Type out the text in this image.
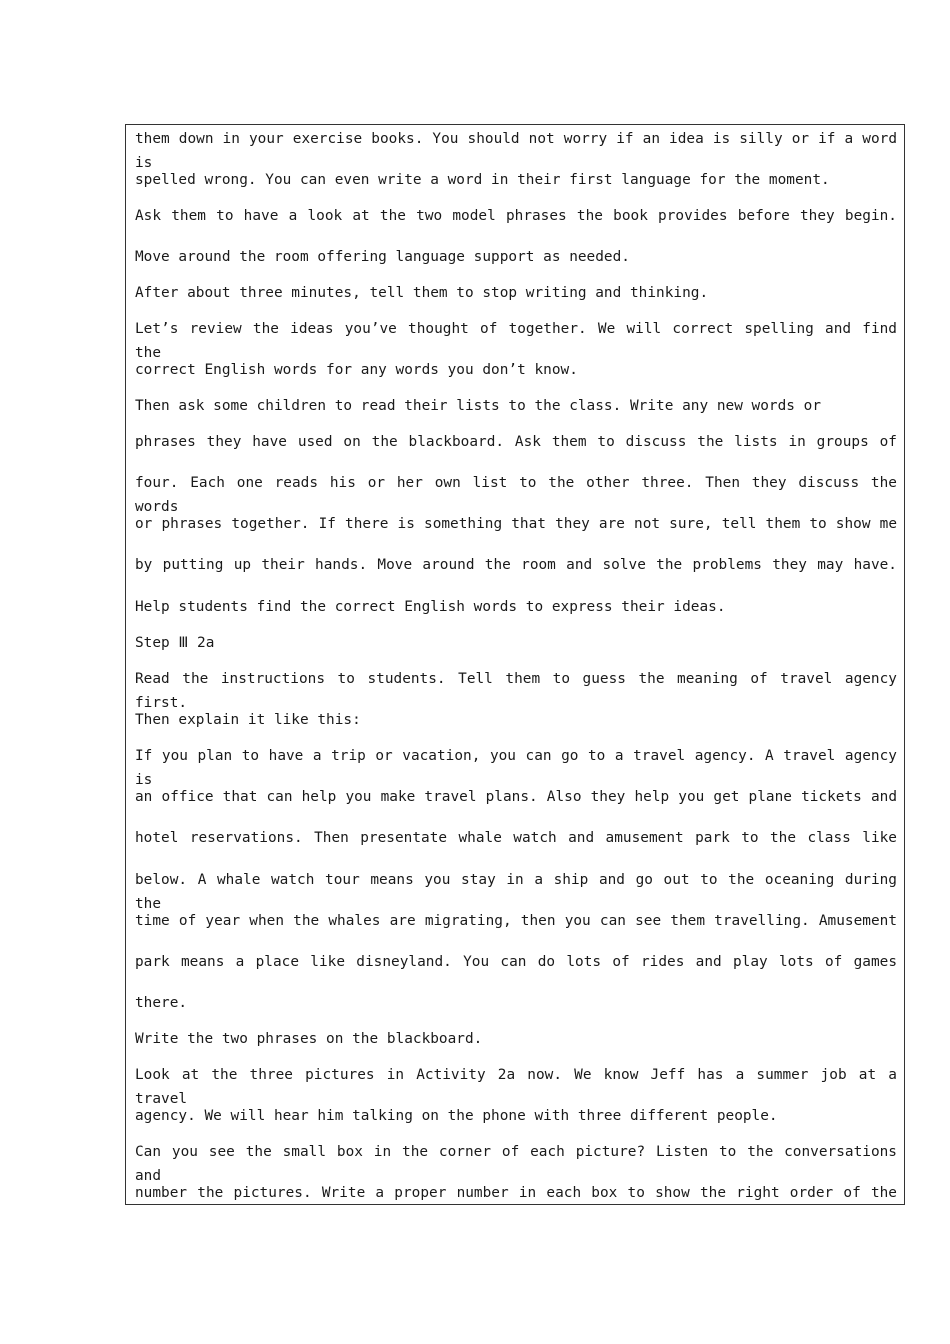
them down in your exercise books. You should not worry if an idea is silly or if a word is
spelled wrong. You can even write a word in their first language for the moment.
Ask them to have a look at the two model phrases the book provides before they begin.
Move around the room offering language support as needed.
After about three minutes, tell them to stop writing and thinking.
Let’s review the ideas you’ve thought of together. We will correct spelling and find the
correct English words for any words you don’t know.
Then ask some children to read their lists to the class. Write any new words or
phrases they have used on the blackboard. Ask them to discuss the lists in groups of
four. Each one reads his or her own list to the other three. Then they discuss the words
or phrases together. If there is something that they are not sure, tell them to show me
by putting up their hands. Move around the room and solve the problems they may have.
Help students find the correct English words to express their ideas.
Step Ⅲ 2a
Read the instructions to students. Tell them to guess the meaning of travel agency first.
Then explain it like this:
If you plan to have a trip or vacation, you can go to a travel agency. A travel agency is
an office that can help you make travel plans. Also they help you get plane tickets and
hotel reservations. Then presentate whale watch and amusement park to the class like
below. A whale watch tour means you stay in a ship and go out to the oceaning during the
time of year when the whales are migrating, then you can see them travelling. Amusement
park means a place like disneyland. You can do lots of rides and play lots of games
there.
Write the two phrases on the blackboard.
Look at the three pictures in Activity 2a now. We know Jeff has a summer job at a travel
agency. We will hear him talking on the phone with three different people.
Can you see the small box in the corner of each picture? Listen to the conversations and
number the pictures. Write a proper number in each box to show the right order of the
